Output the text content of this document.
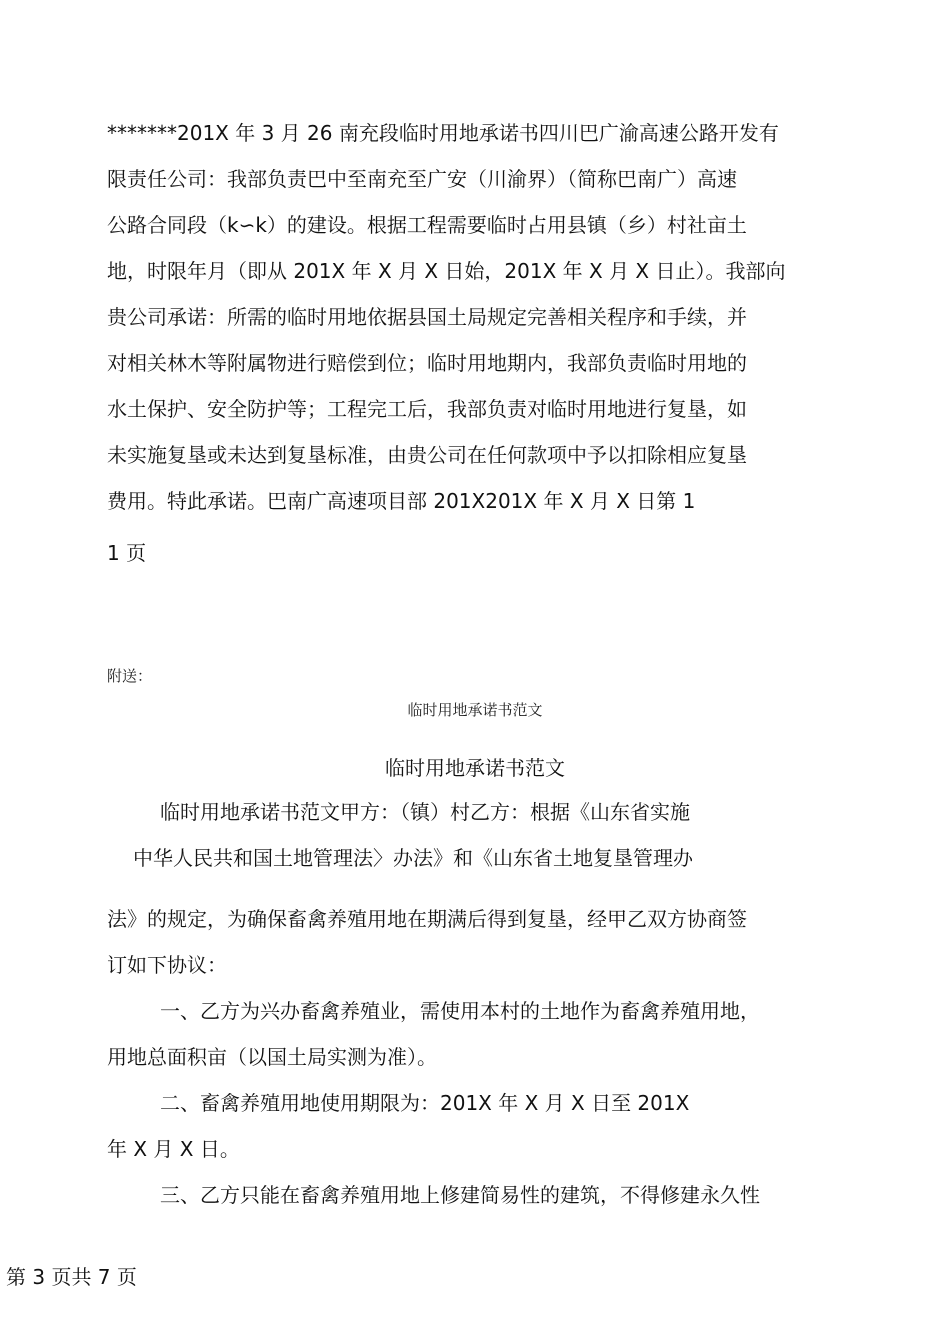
*******201X 年 3 月 26 南充段临时用地承诺书四川巴广渝高速公路开发有
限责任公司：我部负责巴中至南充至广安（川渝界）（简称巴南广）高速
公路合同段（k∽k）的建设。根据工程需要临时占用县镇（乡）村社亩土
地，时限年月（即从 201X 年 X 月 X 日始，201X 年 X 月 X 日止）。我部向
贵公司承诺：所需的临时用地依据县国土局规定完善相关程序和手续，并
对相关林木等附属物进行赔偿到位；临时用地期内，我部负责临时用地的
水土保护、安全防护等；工程完工后，我部负责对临时用地进行复垦，如
未实施复垦或未达到复垦标准，由贵公司在任何款项中予以扣除相应复垦
费用。特此承诺。巴南广高速项目部 201X201X 年 X 月 X 日第 1
1 页
附送：
临时用地承诺书范文
临时用地承诺书范文
临时用地承诺书范文甲方：（镇）村乙方：根据《山东省实施
中华人民共和国土地管理法〉办法》和《山东省土地复垦管理办
法》的规定，为确保畜禽养殖用地在期满后得到复垦，经甲乙双方协商签
订如下协议：
一、乙方为兴办畜禽养殖业，需使用本村的土地作为畜禽养殖用地，
用地总面积亩（以国土局实测为准）。
二、畜禽养殖用地使用期限为：201X 年 X 月 X 日至 201X
年 X 月 X 日。
三、乙方只能在畜禽养殖用地上修建简易性的建筑，不得修建永久性
第 3 页共 7 页
